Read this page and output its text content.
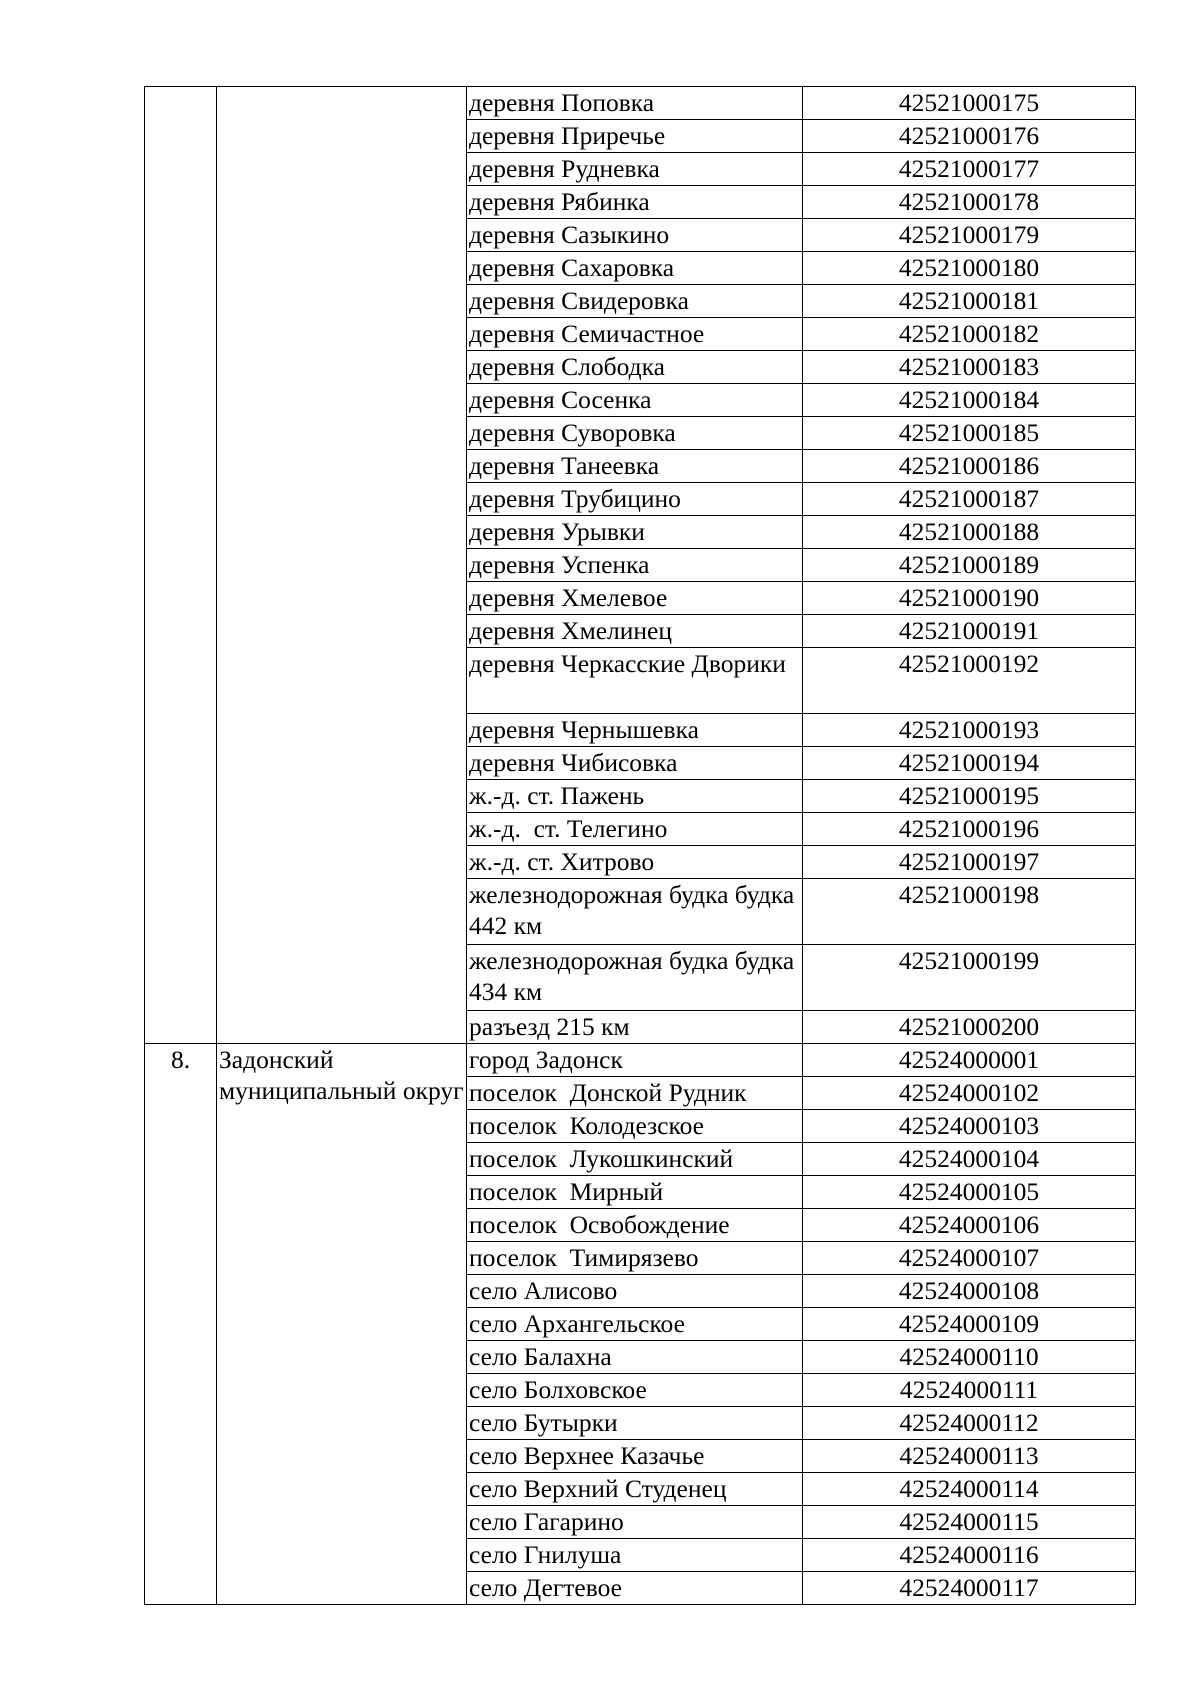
		деревня Поповка	42521000175
		деревня Приречье	42521000176
		деревня Рудневка	42521000177
		деревня Рябинка	42521000178
		деревня Сазыкино	42521000179
		деревня Сахаровка	42521000180
		деревня Свидеровка	42521000181
		деревня Семичастное	42521000182
		деревня Слободка	42521000183
		деревня Сосенка	42521000184
		деревня Суворовка	42521000185
		деревня Танеевка	42521000186
		деревня Трубицино	42521000187
		деревня Урывки	42521000188
		деревня Успенка	42521000189
		деревня Хмелевое	42521000190
		деревня Хмелинец	42521000191
		деревня Черкасские Дворики	42521000192
		деревня Чернышевка	42521000193
		деревня Чибисовка	42521000194
		ж.-д. ст. Пажень	42521000195
		ж.-д.  ст. Телегино	42521000196
		ж.-д. ст. Хитрово	42521000197
		железнодорожная будка будка 442 км	42521000198
		железнодорожная будка будка 434 км	42521000199
		разъезд 215 км	42521000200
8.	Задонский муниципальный округ	город Задонск	42524000001
		поселок  Донской Рудник	42524000102
		поселок  Колодезское	42524000103
		поселок  Лукошкинский	42524000104
		поселок  Мирный	42524000105
		поселок  Освобождение	42524000106
		поселок  Тимирязево	42524000107
		село Алисово	42524000108
		село Архангельское	42524000109
		село Балахна	42524000110
		село Болховское	42524000111
		село Бутырки	42524000112
		село Верхнее Казачье	42524000113
		село Верхний Студенец	42524000114
		село Гагарино	42524000115
		село Гнилуша	42524000116
		село Дегтевое	42524000117
